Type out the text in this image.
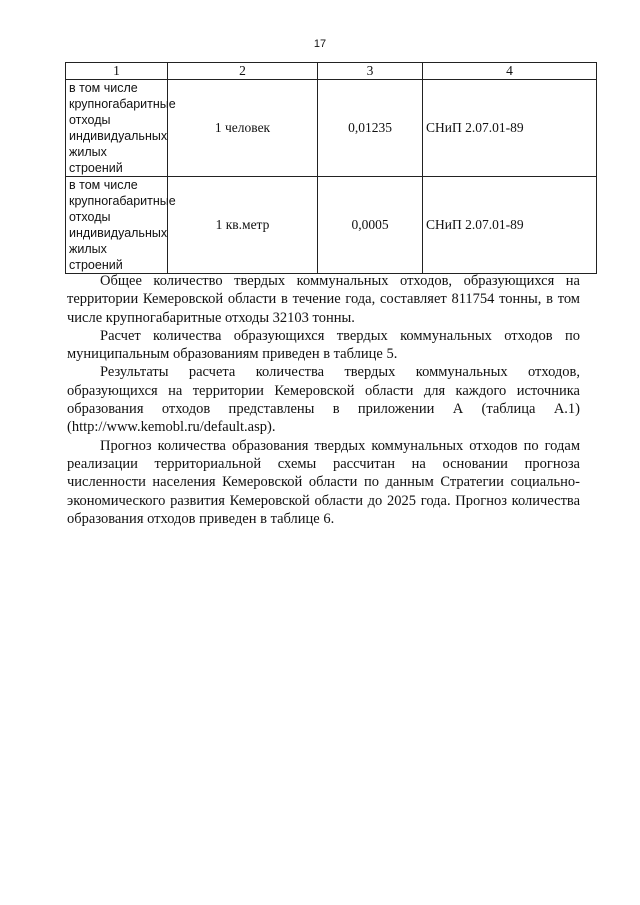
17
1	2	3	4
в том числе крупногабаритные отходы индивидуальных жилых строений	1 человек	0,01235	СНиП 2.07.01-89
в том числе крупногабаритные отходы индивидуальных жилых строений	1 кв.метр	0,0005	СНиП 2.07.01-89

Общее количество твердых коммунальных отходов, образующихся на территории Кемеровской области в течение года, составляет 811754 тонны, в том числе крупногабаритные отходы 32103 тонны.

Расчет количества образующихся твердых коммунальных отходов по муниципальным образованиям приведен в таблице 5.

Результаты расчета количества твердых коммунальных отходов, образующихся на территории Кемеровской области для каждого источника образования отходов представлены в приложении А (таблица А.1) (http://www.kemobl.ru/default.asp).

Прогноз количества образования твердых коммунальных отходов по годам реализации территориальной схемы рассчитан на основании прогноза численности населения Кемеровской области по данным Стратегии социально-экономического развития Кемеровской области до 2025 года. Прогноз количества образования отходов приведен в таблице 6.
